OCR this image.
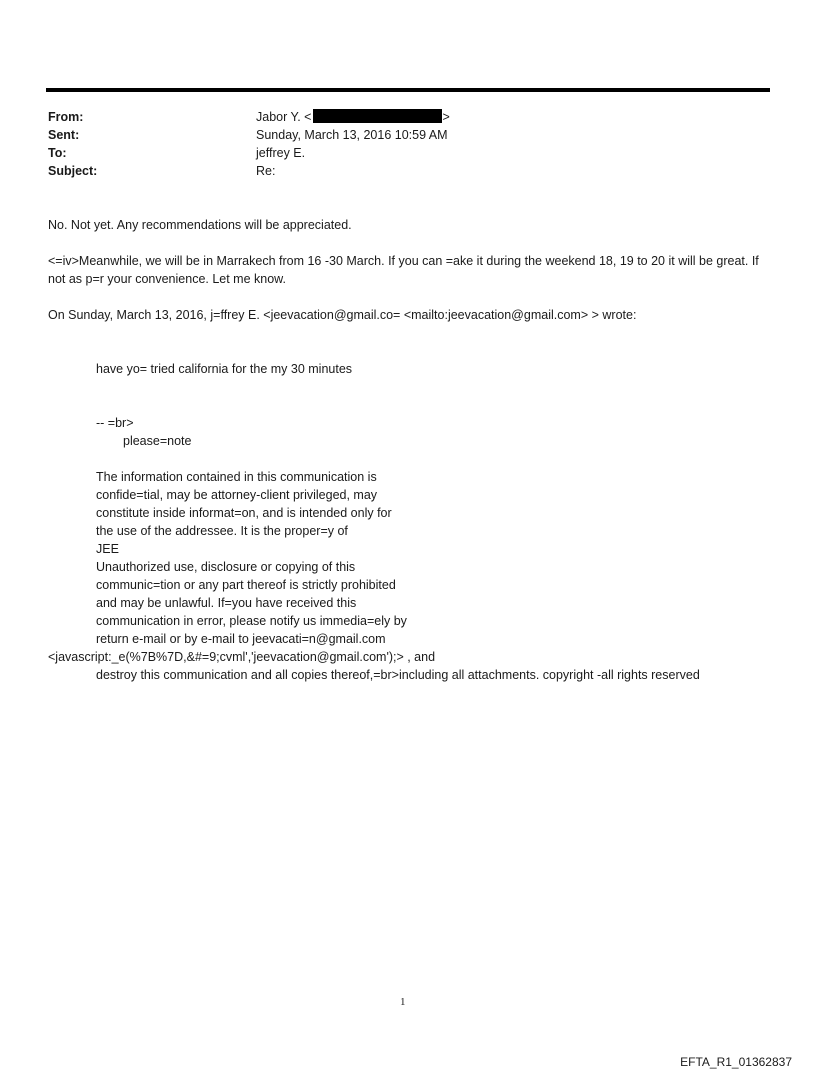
From:	Jabor Y. <	>
Sent:	Sunday, March 13, 2016 10:59 AM
To:	jeffrey E.
Subject:	Re:

No. Not yet. Any recommendations will be appreciated.

<=iv>Meanwhile, we will be in Marrakech from 16 -30 March. If you can =ake it during the weekend 18, 19 to 20 it will be great. If not as p=r your convenience. Let me know.

On Sunday, March 13, 2016, j=ffrey E. <jeevacation@gmail.co= <mailto:jeevacation@gmail.com> > wrote:

have yo= tried california for the my 30 minutes
-- =br>
please=note
The information contained in this communication is
confide=tial, may be attorney-client privileged, may
constitute inside informat=on, and is intended only for
the use of the addressee. It is the proper=y of
JEE
Unauthorized use, disclosure or copying of this
communic=tion or any part thereof is strictly prohibited
and may be unlawful. If=you have received this
communication in error, please notify us immedia=ely by
return e-mail or by e-mail to jeevacati=n@gmail.com
<javascript:_e(%7B%7D,&#=9;cvml','jeevacation@gmail.com');> , and
destroy this communication and all copies thereof,=br>including all attachments. copyright -all rights reserved
1
EFTA_R1_01362837
